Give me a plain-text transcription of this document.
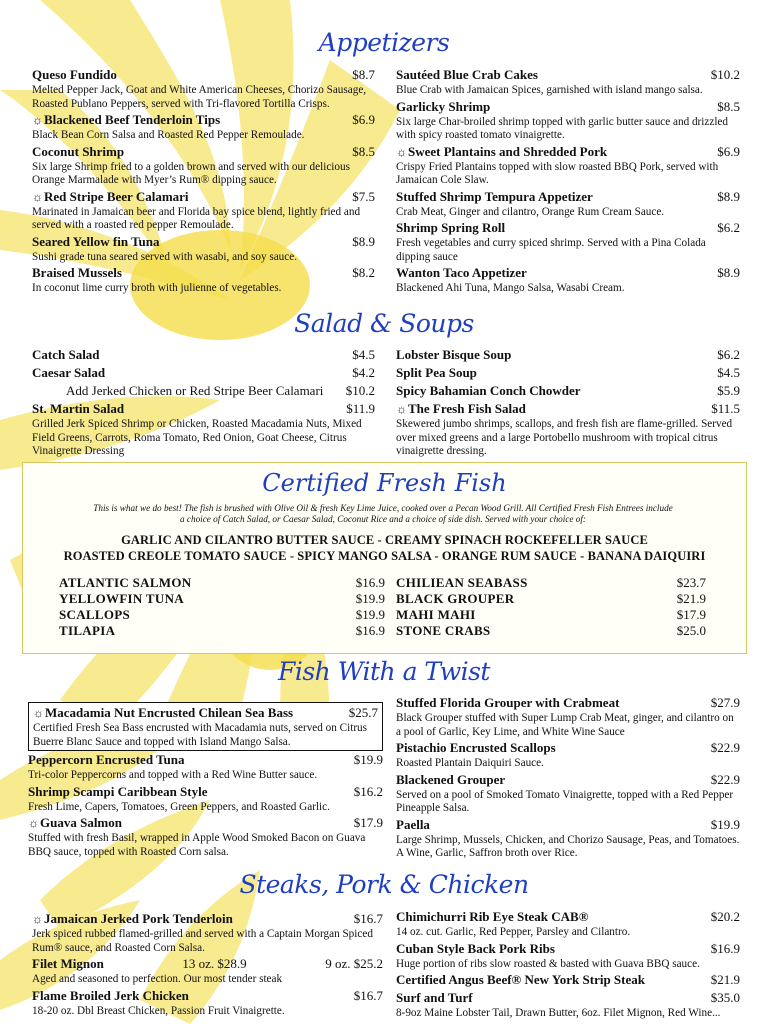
Appetizers
Queso Fundido	$8.7
Melted Pepper Jack, Goat and White American Cheeses, Chorizo Sausage, Roasted Publano Peppers, served with Tri-flavored Tortilla Crisps.
☼Blackened Beef Tenderloin Tips	$6.9
Black Bean Corn Salsa and Roasted Red Pepper Remoulade.
Coconut Shrimp	$8.5
Six large Shrimp fried to a golden brown and served with our delicious Orange Marmalade with Myer’s Rum® dipping sauce.
☼Red Stripe Beer Calamari	$7.5
Marinated in Jamaican beer and Florida bay spice blend, lightly fried and served with a roasted red pepper Remoulade.
Seared Yellow fin Tuna	$8.9
Sushi grade tuna seared served with wasabi, and soy sauce.
Braised Mussels	$8.2
In coconut lime curry broth with julienne of vegetables.
Sautéed Blue Crab Cakes	$10.2
Blue Crab with Jamaican Spices, garnished with island mango salsa.
Garlicky Shrimp	$8.5
Six large Char-broiled shrimp topped with garlic butter sauce and drizzled with spicy roasted tomato vinaigrette.
☼Sweet Plantains and Shredded Pork	$6.9
Crispy Fried Plantains topped with slow roasted BBQ Pork, served with Jamaican Cole Slaw.
Stuffed Shrimp Tempura Appetizer	$8.9
Crab Meat, Ginger and cilantro, Orange Rum Cream Sauce.
Shrimp Spring Roll	$6.2
Fresh vegetables and curry spiced shrimp. Served with a Pina Colada dipping sauce
Wanton Taco Appetizer	$8.9
Blackened Ahi Tuna, Mango Salsa, Wasabi Cream.
Salad & Soups
Catch Salad	$4.5
Caesar Salad	$4.2
Add Jerked Chicken or Red Stripe Beer Calamari $10.2
St. Martin Salad	$11.9
Grilled Jerk Spiced Shrimp or Chicken, Roasted Macadamia Nuts, Mixed Field Greens, Carrots, Roma Tomato, Red Onion, Goat Cheese, Citrus Vinaigrette Dressing
Lobster Bisque Soup	$6.2
Split Pea Soup	$4.5
Spicy Bahamian Conch Chowder	$5.9
☼The Fresh Fish Salad	$11.5
Skewered jumbo shrimps, scallops, and fresh fish are flame-grilled. Served over mixed greens and a large Portobello mushroom with tropical citrus vinaigrette dressing.
Certified Fresh Fish
This is what we do best! The fish is brushed with Olive Oil & fresh Key Lime Juice, cooked over a Pecan Wood Grill. All Certified Fresh Fish Entrees include a choice of Catch Salad, or Caesar Salad, Coconut Rice and a choice of side dish. Served with your choice of:
GARLIC AND CILANTRO BUTTER SAUCE - CREAMY SPINACH ROCKEFELLER SAUCE
ROASTED CREOLE TOMATO SAUCE - SPICY MANGO SALSA - ORANGE RUM SAUCE - BANANA DAIQUIRI
ATLANTIC SALMON	$16.9
YELLOWFIN TUNA	$19.9
SCALLOPS	$19.9
TILAPIA	$16.9
CHILIEAN SEABASS	$23.7
BLACK GROUPER	$21.9
MAHI MAHI	$17.9
STONE CRABS	$25.0
Fish With a Twist
☼Macadamia Nut Encrusted Chilean Sea Bass	$25.7
Certified Fresh Sea Bass encrusted with Macadamia nuts, served on Citrus Buerre Blanc Sauce and topped with Island Mango Salsa.
Peppercorn Encrusted Tuna	$19.9
Tri-color Peppercorns and topped with a Red Wine Butter sauce.
Shrimp Scampi Caribbean Style	$16.2
Fresh Lime, Capers, Tomatoes, Green Peppers, and Roasted Garlic.
☼Guava Salmon	$17.9
Stuffed with fresh Basil, wrapped in Apple Wood Smoked Bacon on Guava BBQ sauce, topped with Roasted Corn salsa.
Stuffed Florida Grouper with Crabmeat	$27.9
Black Grouper stuffed with Super Lump Crab Meat, ginger, and cilantro on a pool of Garlic, Key Lime, and White Wine Sauce
Pistachio Encrusted Scallops	$22.9
Roasted Plantain Daiquiri Sauce.
Blackened Grouper	$22.9
Served on a pool of Smoked Tomato Vinaigrette, topped with a Red Pepper Pineapple Salsa.
Paella	$19.9
Large Shrimp, Mussels, Chicken, and Chorizo Sausage, Peas, and Tomatoes. A Wine, Garlic, Saffron broth over Rice.
Steaks, Pork & Chicken
☼Jamaican Jerked Pork Tenderloin	$16.7
Jerk spiced rubbed flamed-grilled and served with a Captain Morgan Spiced Rum® sauce, and Roasted Corn Salsa.
Filet Mignon	13 oz. $28.9	9 oz. $25.2
Aged and seasoned to perfection. Our most tender steak
Flame Broiled Jerk Chicken	$16.7
18-20 oz. Dbl Breast Chicken, Passion Fruit Vinaigrette.
Chimichurri Rib Eye Steak CAB®	$20.2
14 oz. cut. Garlic, Red Pepper, Parsley and Cilantro.
Cuban Style Back Pork Ribs	$16.9
Huge portion of ribs slow roasted & basted with Guava BBQ sauce.
Certified Angus Beef® New York Strip Steak	$21.9
Surf and Turf	$35.0
8-9oz Maine Lobster Tail, Drawn Butter, 6oz. Filet Mignon, Red Wine...
